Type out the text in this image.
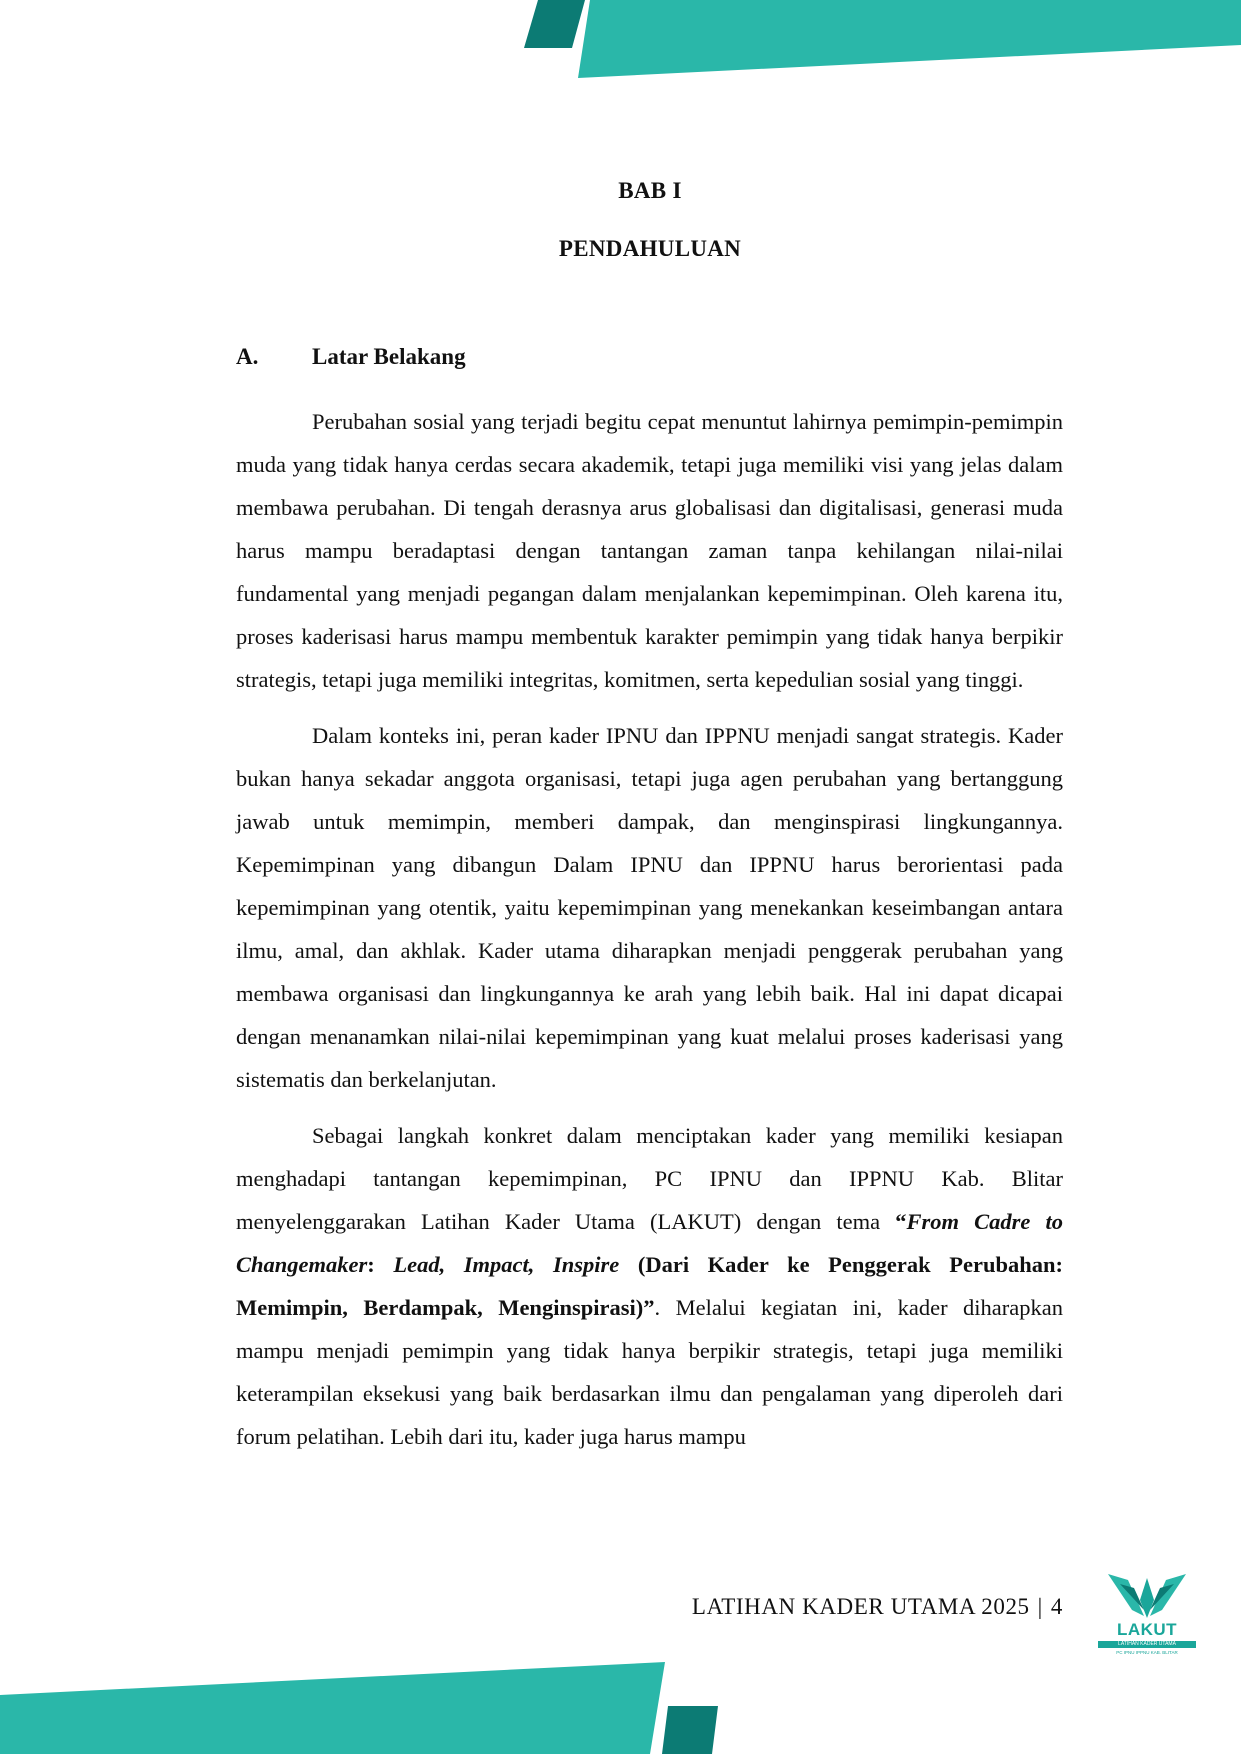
BAB I
PENDAHULUAN
A. Latar Belakang

Perubahan sosial yang terjadi begitu cepat menuntut lahirnya pemimpin-pemimpin muda yang tidak hanya cerdas secara akademik, tetapi juga memiliki visi yang jelas dalam membawa perubahan. Di tengah derasnya arus globalisasi dan digitalisasi, generasi muda harus mampu beradaptasi dengan tantangan zaman tanpa kehilangan nilai-nilai fundamental yang menjadi pegangan dalam menjalankan kepemimpinan. Oleh karena itu, proses kaderisasi harus mampu membentuk karakter pemimpin yang tidak hanya berpikir strategis, tetapi juga memiliki integritas, komitmen, serta kepedulian sosial yang tinggi.

Dalam konteks ini, peran kader IPNU dan IPPNU menjadi sangat strategis. Kader bukan hanya sekadar anggota organisasi, tetapi juga agen perubahan yang bertanggung jawab untuk memimpin, memberi dampak, dan menginspirasi lingkungannya. Kepemimpinan yang dibangun Dalam IPNU dan IPPNU harus berorientasi pada kepemimpinan yang otentik, yaitu kepemimpinan yang menekankan keseimbangan antara ilmu, amal, dan akhlak. Kader utama diharapkan menjadi penggerak perubahan yang membawa organisasi dan lingkungannya ke arah yang lebih baik. Hal ini dapat dicapai dengan menanamkan nilai-nilai kepemimpinan yang kuat melalui proses kaderisasi yang sistematis dan berkelanjutan.

Sebagai langkah konkret dalam menciptakan kader yang memiliki kesiapan menghadapi tantangan kepemimpinan, PC IPNU dan IPPNU Kab. Blitar menyelenggarakan Latihan Kader Utama (LAKUT) dengan tema “From Cadre to Changemaker: Lead, Impact, Inspire (Dari Kader ke Penggerak Perubahan: Memimpin, Berdampak, Menginspirasi)”. Melalui kegiatan ini, kader diharapkan mampu menjadi pemimpin yang tidak hanya berpikir strategis, tetapi juga memiliki keterampilan eksekusi yang baik berdasarkan ilmu dan pengalaman yang diperoleh dari forum pelatihan. Lebih dari itu, kader juga harus mampu

LATIHAN KADER UTAMA 2025 | 4
LAKUT
LATIHAN KADER UTAMA
PC IPNU IPPNU KAB. BLITAR
